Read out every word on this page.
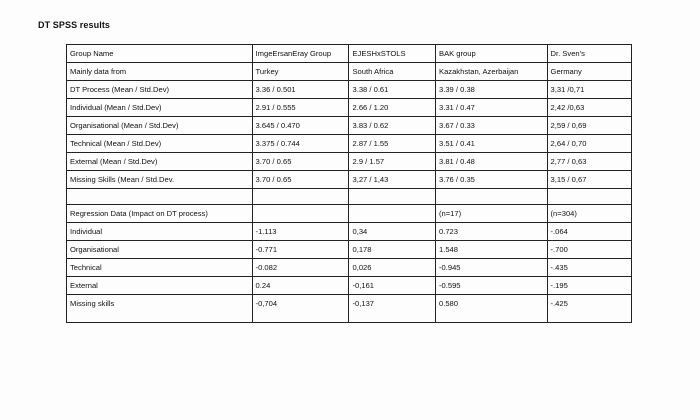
DT SPSS results
Group Name	ImgeErsanEray Group	EJESHxSTOLS	BAK group	Dr. Sven's
Mainly data from	Turkey	South Africa	Kazakhstan, Azerbaijan	Germany
DT Process (Mean / Std.Dev)	3.36 / 0.501	3.38 / 0.61	3.39 / 0.38	3,31 /0,71
Individual (Mean / Std.Dev)	2.91 / 0.555	2.66 / 1.20	3.31 / 0.47	2,42 /0,63
Organisational (Mean / Std.Dev)	3.645 / 0.470	3.83 / 0.62	3.67 / 0.33	2,59 / 0,69
Technical (Mean / Std.Dev)	3.375 / 0.744	2.87 / 1.55	3.51 / 0.41	2,64 / 0,70
External (Mean / Std.Dev)	3.70 / 0.65	2.9 / 1.57	3.81 / 0.48	2,77 / 0,63
Missing Skills (Mean / Std.Dev.	3.70 / 0.65	3,27 / 1,43	3.76 / 0.35	3,15 / 0,67

Regression Data (Impact on DT process)			(n=17)	(n=304)
Individual	-1.113	0,34	0.723	-.064
Organisational	-0.771	0,178	1.548	-.700
Technical	-0.082	0,026	-0.945	-.435
External	0.24	-0,161	-0.595	-.195
Missing skills	-0,704	-0,137	0.580	-.425
